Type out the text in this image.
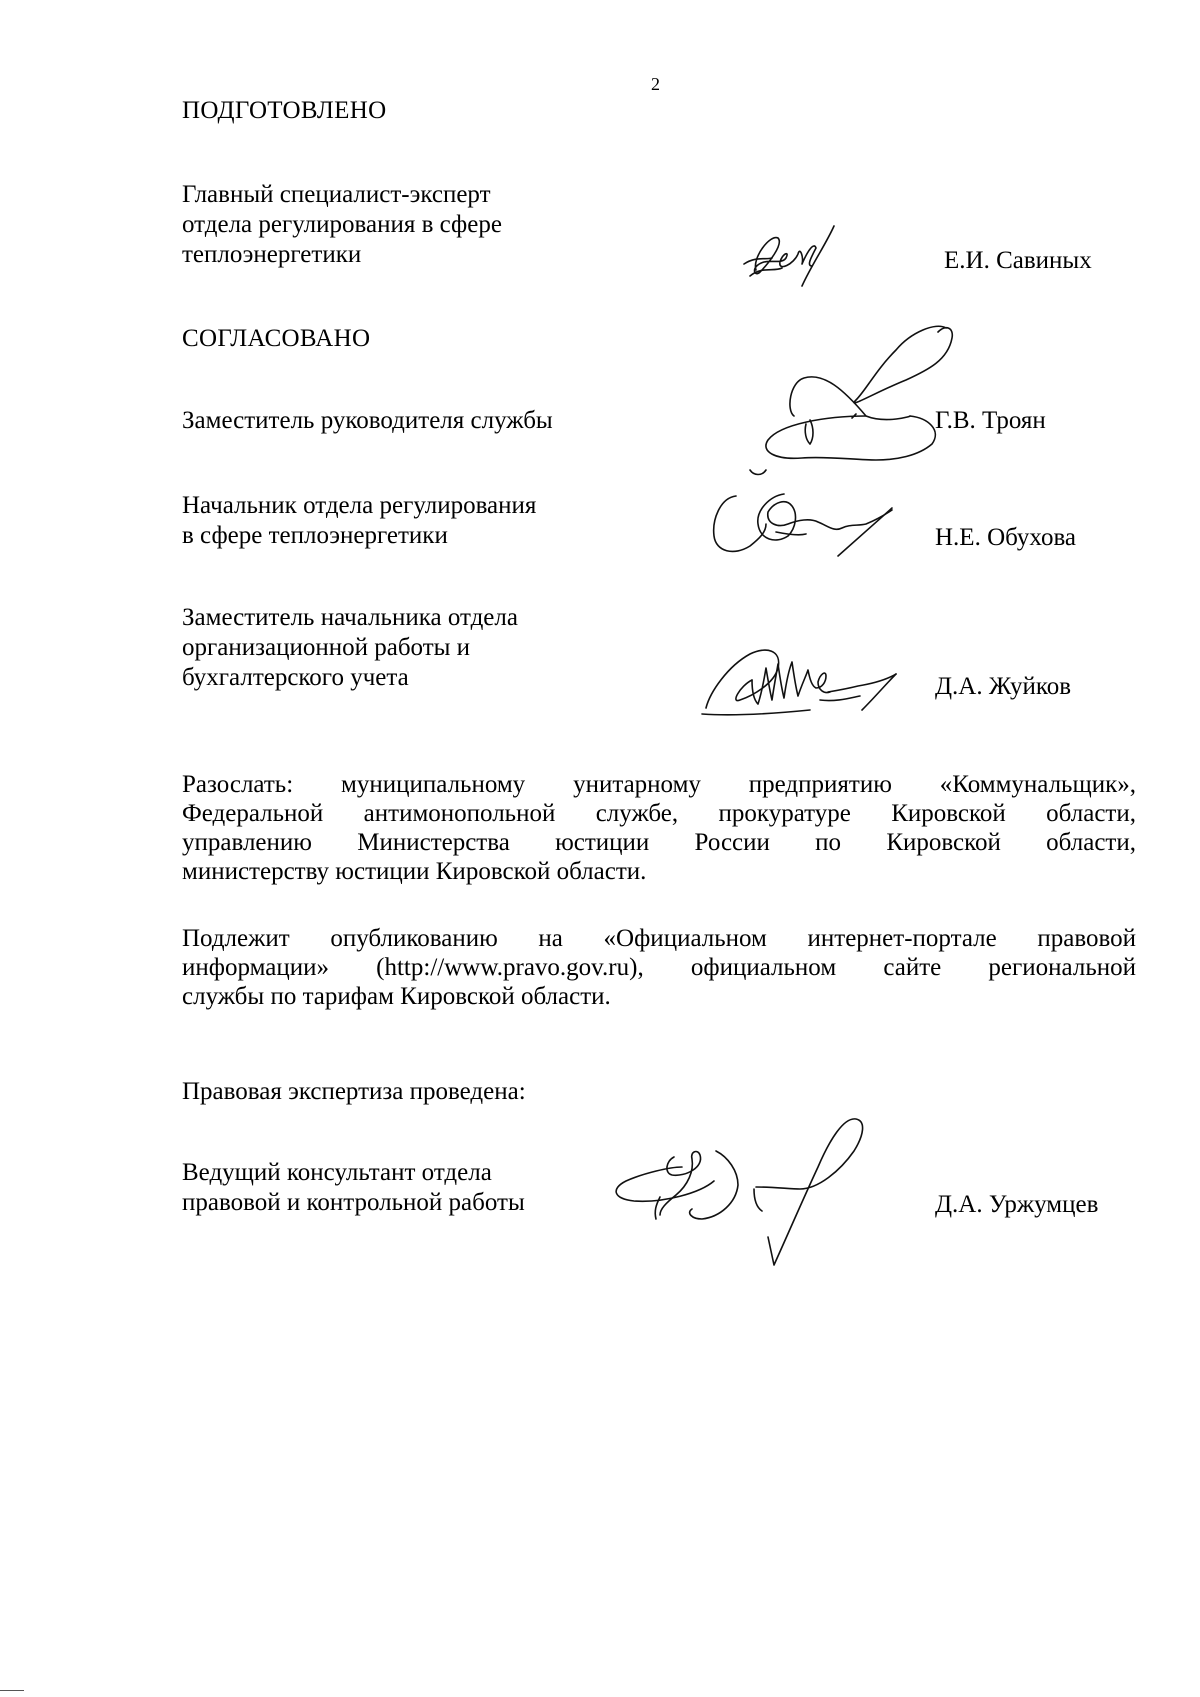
2
ПОДГОТОВЛЕНО
Главный специалист-эксперт
отдела регулирования в сфере
теплоэнергетики	Е.И. Савиных
СОГЛАСОВАНО
Заместитель руководителя службы	Г.В. Троян
Начальник отдела регулирования
в сфере теплоэнергетики	Н.Е. Обухова
Заместитель начальника отдела
организационной работы и
бухгалтерского учета	Д.А. Жуйков
Разослать: муниципальному унитарному предприятию «Коммунальщик»,
Федеральной антимонопольной службе, прокуратуре Кировской области,
управлению Министерства юстиции России по Кировской области,
министерству юстиции Кировской области.
Подлежит опубликованию на «Официальном интернет-портале правовой
информации» (http://www.pravo.gov.ru), официальном сайте региональной
службы по тарифам Кировской области.
Правовая экспертиза проведена:
Ведущий консультант отдела
правовой и контрольной работы	Д.А. Уржумцев
